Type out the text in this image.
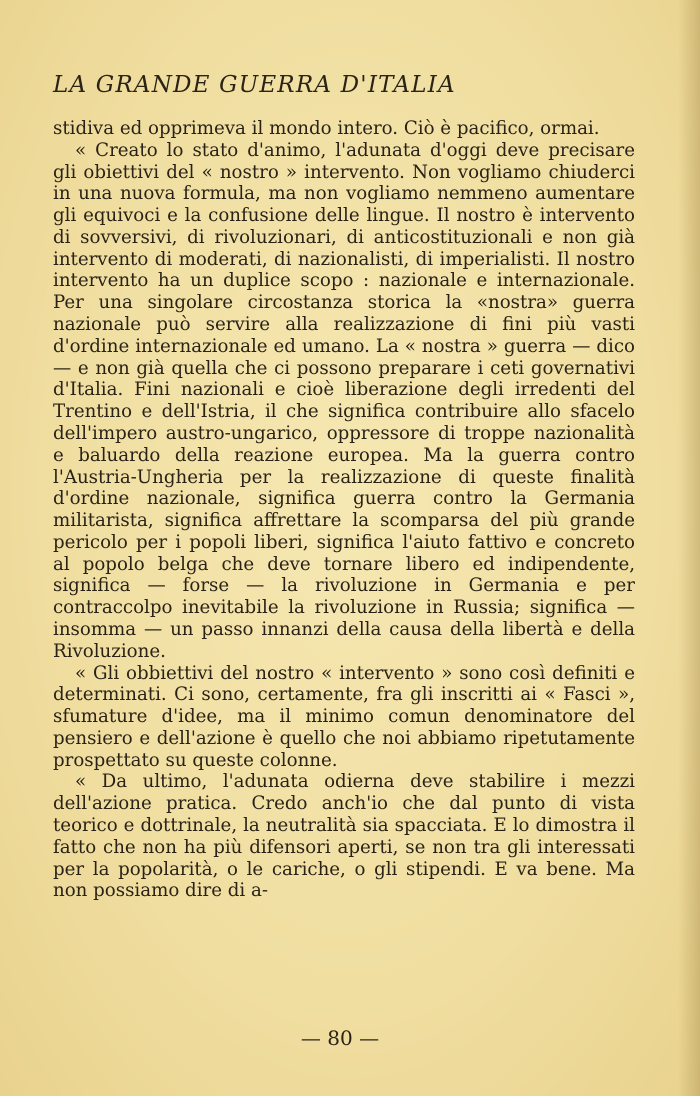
LA GRANDE GUERRA D'ITALIA

stidiva ed opprimeva il mondo intero. Ciò è pacifico, ormai.

« Creato lo stato d'animo, l'adunata d'oggi deve precisare gli obiettivi del « nostro » intervento. Non vogliamo chiuderci in una nuova formula, ma non vogliamo nemmeno aumentare gli equivoci e la confusione delle lingue. Il nostro è intervento di sovversivi, di rivoluzionari, di anticostituzionali e non già intervento di moderati, di nazionalisti, di imperialisti. Il nostro intervento ha un duplice scopo : nazionale e internazionale. Per una singolare circostanza storica la «nostra» guerra nazionale può servire alla realizzazione di fini più vasti d'ordine internazionale ed umano. La « nostra » guerra — dico — e non già quella che ci possono preparare i ceti governativi d'Italia. Fini nazionali e cioè liberazione degli irredenti del Trentino e dell'Istria, il che significa contribuire allo sfacelo dell'impero austro-ungarico, oppressore di troppe nazionalità e baluardo della reazione europea. Ma la guerra contro l'Austria-Ungheria per la realizzazione di queste finalità d'ordine nazionale, significa guerra contro la Germania militarista, significa affrettare la scomparsa del più grande pericolo per i popoli liberi, significa l'aiuto fattivo e concreto al popolo belga che deve tornare libero ed indipendente, significa — forse — la rivoluzione in Germania e per contraccolpo inevitabile la rivoluzione in Russia; significa — insomma — un passo innanzi della causa della libertà e della Rivoluzione.

« Gli obbiettivi del nostro « intervento » sono così definiti e determinati. Ci sono, certamente, fra gli inscritti ai « Fasci », sfumature d'idee, ma il minimo comun denominatore del pensiero e dell'azione è quello che noi abbiamo ripetutamente prospettato su queste colonne.

« Da ultimo, l'adunata odierna deve stabilire i mezzi dell'azione pratica. Credo anch'io che dal punto di vista teorico e dottrinale, la neutralità sia spacciata. E lo dimostra il fatto che non ha più difensori aperti, se non tra gli interessati per la popolarità, o le cariche, o gli stipendi. E va bene. Ma non possiamo dire di a-

— 80 —
